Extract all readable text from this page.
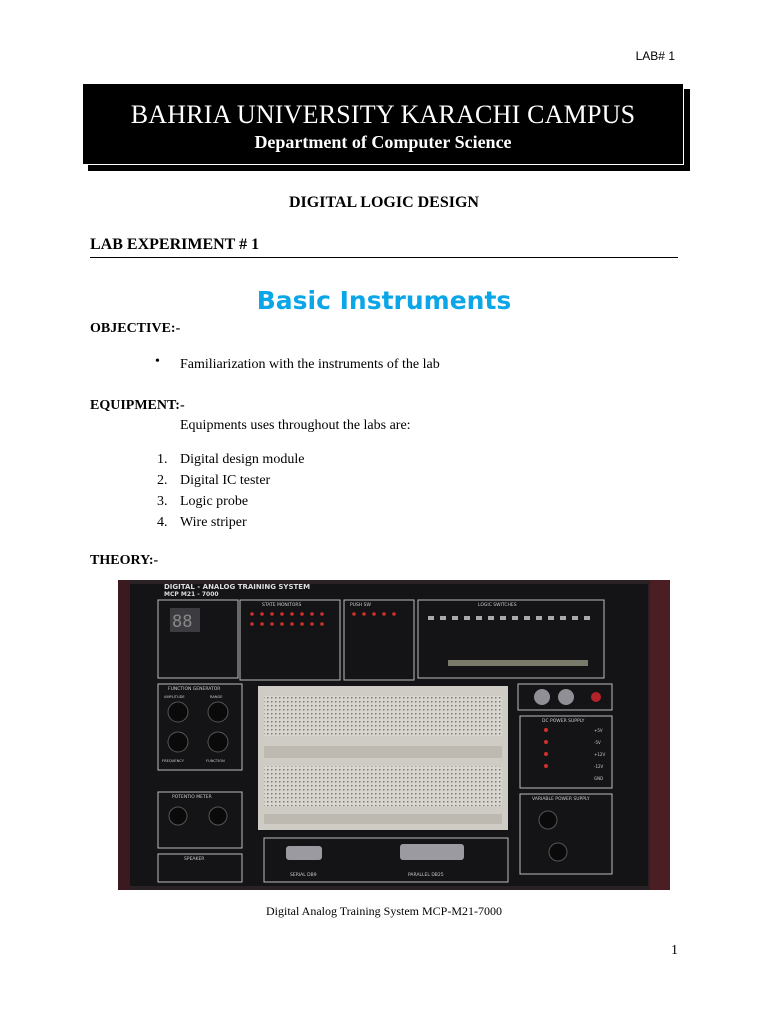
LAB# 1
BAHRIA UNIVERSITY KARACHI CAMPUS
Department of Computer Science
DIGITAL LOGIC DESIGN
LAB EXPERIMENT # 1
Basic Instruments
OBJECTIVE:-
• Familiarization with the instruments of the lab
EQUIPMENT:-
Equipments uses throughout the labs are:
1. Digital design module
2. Digital IC tester
3. Logic probe
4. Wire striper
THEORY:-
DIGITAL - ANALOG TRAINING SYSTEM
MCP M21 - 7000
88
STATE MONITORS	PUSH SW	LOGIC SWITCHES
FUNCTION GENERATOR
AMPLITUDE	RANGE
FREQUENCY	FUNCTION
DC POWER SUPPLY
+5V
-5V
+12V
-12V
GND
VARIABLE POWER SUPPLY
POTENTIO METER
SPEAKER
SERIAL DB9	PARALLEL DB25
Digital Analog Training System MCP-M21-7000
1
